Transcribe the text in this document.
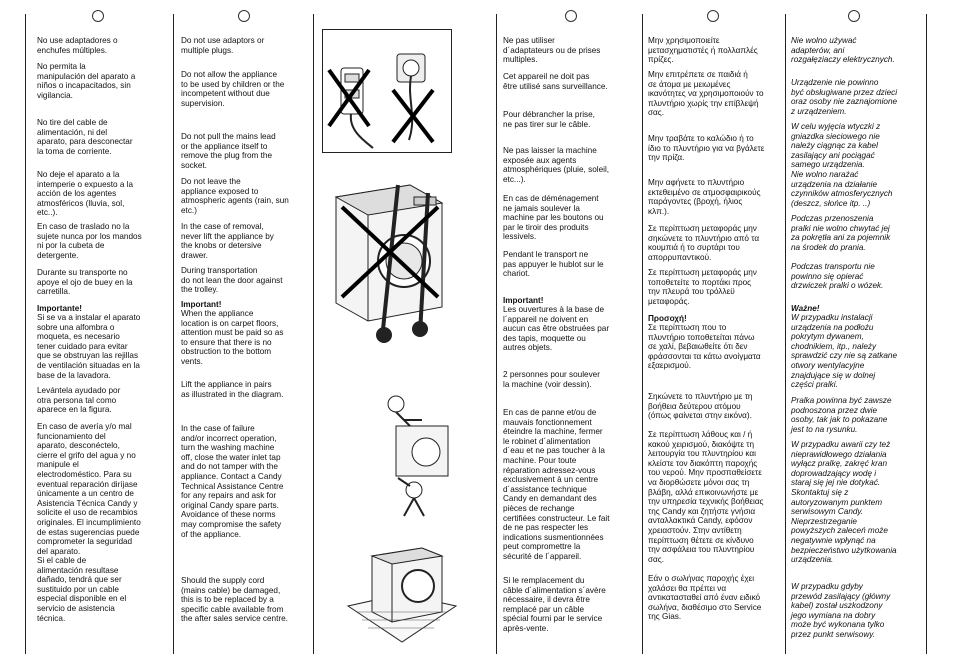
No use adaptadores o
enchufes múltiples.
No permita la
manipulación del aparato a
niños o incapacitados, sin
vigilancia.
No tire del cable de
alimentación, ni del
aparato, para desconectar
la toma de corriente.
No deje el aparato a la
intemperie o expuesto a la
acción de los agentes
atmosféricos (lluvia, sol,
etc..).
En caso de traslado no la
sujete nunca por los mandos
ni por la cubeta de
detergente.
Durante su transporte no
apoye el ojo de buey en la
carretilla.
Importante!
Si se va a instalar el aparato
sobre una alfombra o
moqueta, es necesario
tener cuidado para evitar
que se obstruyan las rejillas
de ventilación situadas en la
base de la lavadora.
Levántela ayudado por
otra persona tal como
aparece en la figura.
En caso de avería y/o mal
funcionamiento del
aparato, desconéctelo,
cierre el grifo del agua y no
manipule el
electrodoméstico. Para su
eventual reparación diríjase
únicamente a un centro de
Asistencia Técnica Candy y
solicite el uso de recambios
originales. El incumplimiento
de estas sugerencias puede
comprometer la seguridad
del aparato.
Si el cable de
alimentación resultase
dañado, tendrá que ser
sustituido por un cable
especial disponible en el
servicio de asistencia
técnica.
Do not use adaptors or
multiple plugs.
Do not allow the appliance
to be used by children or the
incompetent without due
supervision.
Do not pull the mains lead
or the appliance itself to
remove the plug from the
socket.
Do not leave the
appliance exposed to
atmospheric agents (rain, sun
etc.)
In the case of removal,
never lift the appliance by
the knobs or detersive
drawer.
During transportation
do not lean the door against
the trolley.
Important!
When the appliance
location is on carpet floors,
attention must be paid so as
to ensure that there is no
obstruction to the bottom
vents.
Lift the appliance in pairs
as illustrated in the diagram.
In the case of failure
and/or incorrect operation,
turn the washing machine
off, close the water inlet tap
and do not tamper with the
appliance. Contact a Candy
Technical Assistance Centre
for any repairs and ask for
original Candy spare parts.
Avoidance of these norms
may compromise the safety
of the appliance.
Should the supply cord
(mains cable) be damaged,
this is to be replaced by a
specific cable available from
the after sales service centre.
Ne pas utiliser
d´adaptateurs ou de prises
multiples.
Cet appareil ne doit pas
être utilisé sans surveillance.
Pour débrancher la prise,
ne pas tirer sur le câble.
Ne pas laisser la machine
exposée aux agents
atmosphériques (pluie, soleil,
etc...).
En cas de déménagement
ne jamais soulever la
machine par les boutons ou
par le tiroir des produits
lessivels.
Pendant le transport ne
pas appuyer le hublot sur le
chariot.
Important!
Les ouvertures à la base de
l´appareil ne doivent en
aucun cas être obstruées par
des tapis, moquette ou
autres objets.
2 personnes pour soulever
la machine (voir dessin).
En cas de panne et/ou de
mauvais fonctionnement
éteindre la machine, fermer
le robinet d´alimentation
d´eau et ne pas toucher à la
machine. Pour toute
réparation adressez-vous
exclusivement à un centre
d´assistance technique
Candy en demandant des
pièces de rechange
certifiées constructeur. Le fait
de ne pas respecter les
indications susmentionnées
peut compromettre la
sécurité de l´appareil.
Si le remplacement du
câble d´alimentation s´avère
nécessaire, il devra être
remplacé par un câble
spécial fourni par le service
après-vente.
Μην χρησιμοποιείτε
μετασχηματιστές ή πολλαπλές
πρίζες.
Μην επιτρέπετε σε παιδιά ή
σε άτομα με μειωμένες
ικανότητες να χρησιμοποιούν το
πλυντήριο χωρίς την επίβλεψή
σας.
Μην τραβάτε το καλώδιο ή το
ίδιο το πλυντήριο για να βγάλετε
την πρίζα.
Μην αφήνετε το πλυντήριο
εκτεθειμένο σε ατμοσφαιρικούς
παράγοντες (βροχή, ήλιος
κλπ.).
Σε περίπτωση μεταφοράς μην
σηκώνετε το πλυντήριο από τα
κουμπιά ή το συρτάρι του
απορρυπαντικού.
Σε περίπτωση μεταφοράς μην
τοποθετείτε το πορτάκι προς
την πλευρά του τρόλλεϋ
μεταφοράς.
Προσοχή!
Σε περίπτωση που το
πλυντήριο τοποθετείται πάνω
σε χαλί, βεβαιωθείτε ότι δεν
φράσσονται τα κάτω ανοίγματα
εξαερισμού.
Σηκώνετε το πλυντήριο με τη
βοήθεια δεύτερου ατόμου
(όπως φαίνεται στην εικόνα).
Σε περίπτωση λάθους και / ή
κακού χειρισμού, διακόψτε τη
λειτουργία του πλυντηρίου και
κλείστε τον διακόπτη παροχής
του νερού. Μην προσπαθείσετε
να διορθώσετε μόνοι σας τη
βλάβη, αλλά επικοινωνήστε με
την υπηρεσία τεχνικής βοήθειας
της Candy και ζητήστε γνήσια
ανταλλακτικά Candy, εφόσον
χρειαστούν. Στην αντίθετη
περίπτωση θέτετε σε κίνδυνο
την ασφάλεια του πλυντηρίου
σας.
Εάν ο σωλήνας παροχής έχει
χαλάσει θα πρέπει να
αντικατασταθεί από έναν ειδικό
σωλήνα, διαθέσιμο στο Service
της Gias.
Nie wolno używać
adapterów, ani
rozgałęziaczy elektrycznych.
Urządzenie nie powinno
być obsługiwane przez dzieci
oraz osoby nie zaznajomione
z urządzeniem.
W celu wyjęcia wtyczki z
gniazdka sieciowego nie
należy ciągnąc za kabel
zasilający ani pociągać
samego urządzenia.
Nie wolno narażać
urządzenia na działanie
czynników atmosferycznych
(deszcz, słońce itp. ..)
Podczas przenoszenia
pralki nie wolno chwytać jej
za pokrętła ani za pojemnik
na środek do prania.
Podczas transportu nie
powinno się opierać
drzwiczek pralki o wózek.
Ważne!
W przypadku instalacji
urządzenia na podłożu
pokrytym dywanem,
chodnikiem, itp., należy
sprawdzić czy nie są zatkane
otwory wentylacyjne
znajdujące się w dolnej
części pralki.
Pralka powinna być zawsze
podnoszona przez dwie
osoby, tak jak to pokazane
jest to na rysunku.
W przypadku awarii czy też
nieprawidłowego działania
wyłącz pralkę, zakręć kran
doprowadzający wodę i
staraj się jej nie dotykać.
Skontaktuj się z
autoryzowanym punktem
serwisowym Candy.
Nieprzestrzeganie
powyższych zaleceń może
negatywnie wpłynąć na
bezpieczeństwo użytkowania
urządzenia.
W przypadku gdyby
przewód zasilający (główny
kabel) został uszkodzony
jego wymiana na dobry
może być wykonana tylko
przez punkt serwisowy.
